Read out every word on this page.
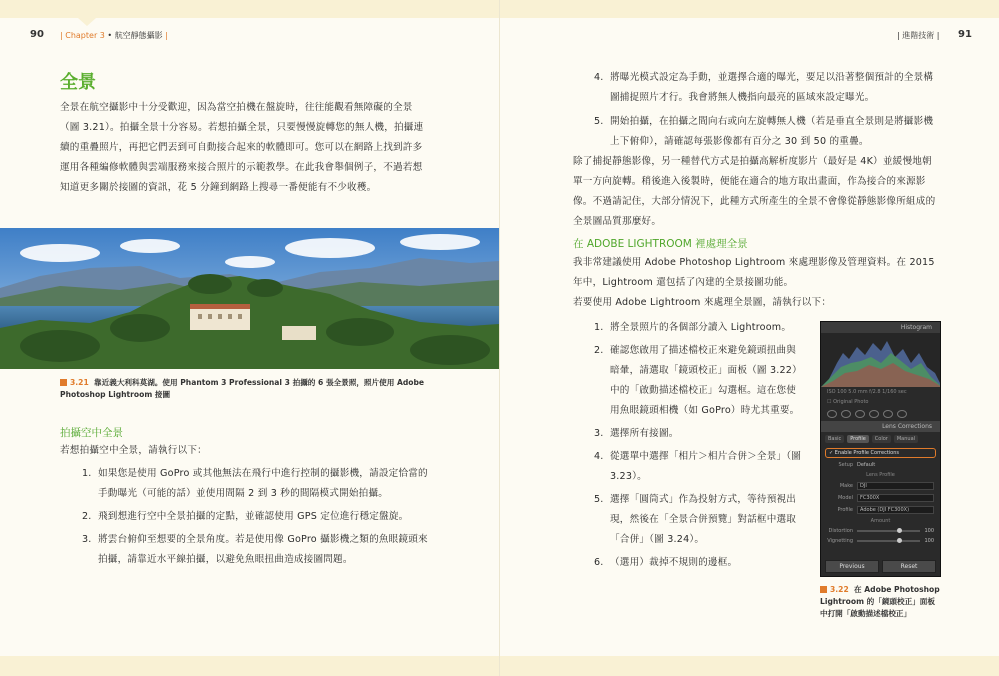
90 | Chapter 3 • 航空靜態攝影 |	| 進階技術 | 91
全景
全景在航空攝影中十分受歡迎，因為當空拍機在盤旋時，往往能觀看無障礙的全景（圖 3.21）。拍攝全景十分容易。若想拍攝全景，只要慢慢旋轉您的無人機，拍攝連續的重疊照片，再把它們丟到可自動接合起來的軟體即可。您可以在網路上找到許多運用各種編修軟體與雲端服務來接合照片的示範教學。在此我會舉個例子，不過若想知道更多關於接圖的資訊，花 5 分鐘到網路上搜尋一番便能有不少收穫。
3.21 靠近義大利科莫湖。使用 Phantom 3 Professional 3 拍攝的 6 張全景照，照片使用 Adobe Photoshop Lightroom 接圖
拍攝空中全景
若想拍攝空中全景，請執行以下：
1. 如果您是使用 GoPro 或其他無法在飛行中進行控制的攝影機，請設定恰當的手動曝光（可能的話）並使用間隔 2 到 3 秒的間隔模式開始拍攝。
2. 飛到想進行空中全景拍攝的定點，並確認使用 GPS 定位進行穩定盤旋。
3. 將雲台俯仰至想要的全景角度。若是使用像 GoPro 攝影機之類的魚眼鏡頭來拍攝，請靠近水平線拍攝，以避免魚眼扭曲造成接圖問題。
4. 將曝光模式設定為手動，並選擇合適的曝光，要足以沿著整個預計的全景構圖捕捉照片才行。我會將無人機指向最亮的區域來設定曝光。
5. 開始拍攝，在拍攝之間向右或向左旋轉無人機（若是垂直全景則是將攝影機上下俯仰），請確認每張影像都有百分之 30 到 50 的重疊。
除了捕捉靜態影像，另一種替代方式是拍攝高解析度影片（最好是 4K）並緩慢地朝單一方向旋轉。稍後進入後製時，便能在適合的地方取出畫面，作為接合的來源影像。不過請記住，大部分情況下，此種方式所產生的全景不會像從靜態影像所組成的全景圖品質那麼好。
在 ADOBE LIGHTROOM 裡處理全景
我非常建議使用 Adobe Photoshop Lightroom 來處理影像及管理資料。在 2015 年中，Lightroom 還包括了內建的全景接圖功能。
若要使用 Adobe Lightroom 來處理全景圖，請執行以下：
1. 將全景照片的各個部分讀入 Lightroom。
2. 確認您啟用了描述檔校正來避免鏡頭扭曲與暗暈，請選取「鏡頭校正」面板（圖 3.22）中的「啟動描述檔校正」勾選框。這在您使用魚眼鏡頭相機（如 GoPro）時尤其重要。
3. 選擇所有接圖。
4. 從選單中選擇「相片＞相片合併＞全景」（圖 3.23）。
5. 選擇「圓筒式」作為投射方式，等待預視出現，然後在「全景合併預覽」對話框中選取「合併」（圖 3.24）。
6. （選用）裁掉不規則的邊框。
Histogram
ISO 100 5.0 mm f/2.8 1/160 sec
☐ Original Photo
Lens Corrections
Basic	Profile	Color	Manual
✓ Enable Profile Corrections
Setup Default
Lens Profile
Make	DJI
Model	FC300X
Profile	Adobe (DJI FC300X)
Amount
Distortion	100
Vignetting	100
Previous	Reset
3.22 在 Adobe Photoshop Lightroom 的「鏡頭校正」面板中打開「啟動描述檔校正」
